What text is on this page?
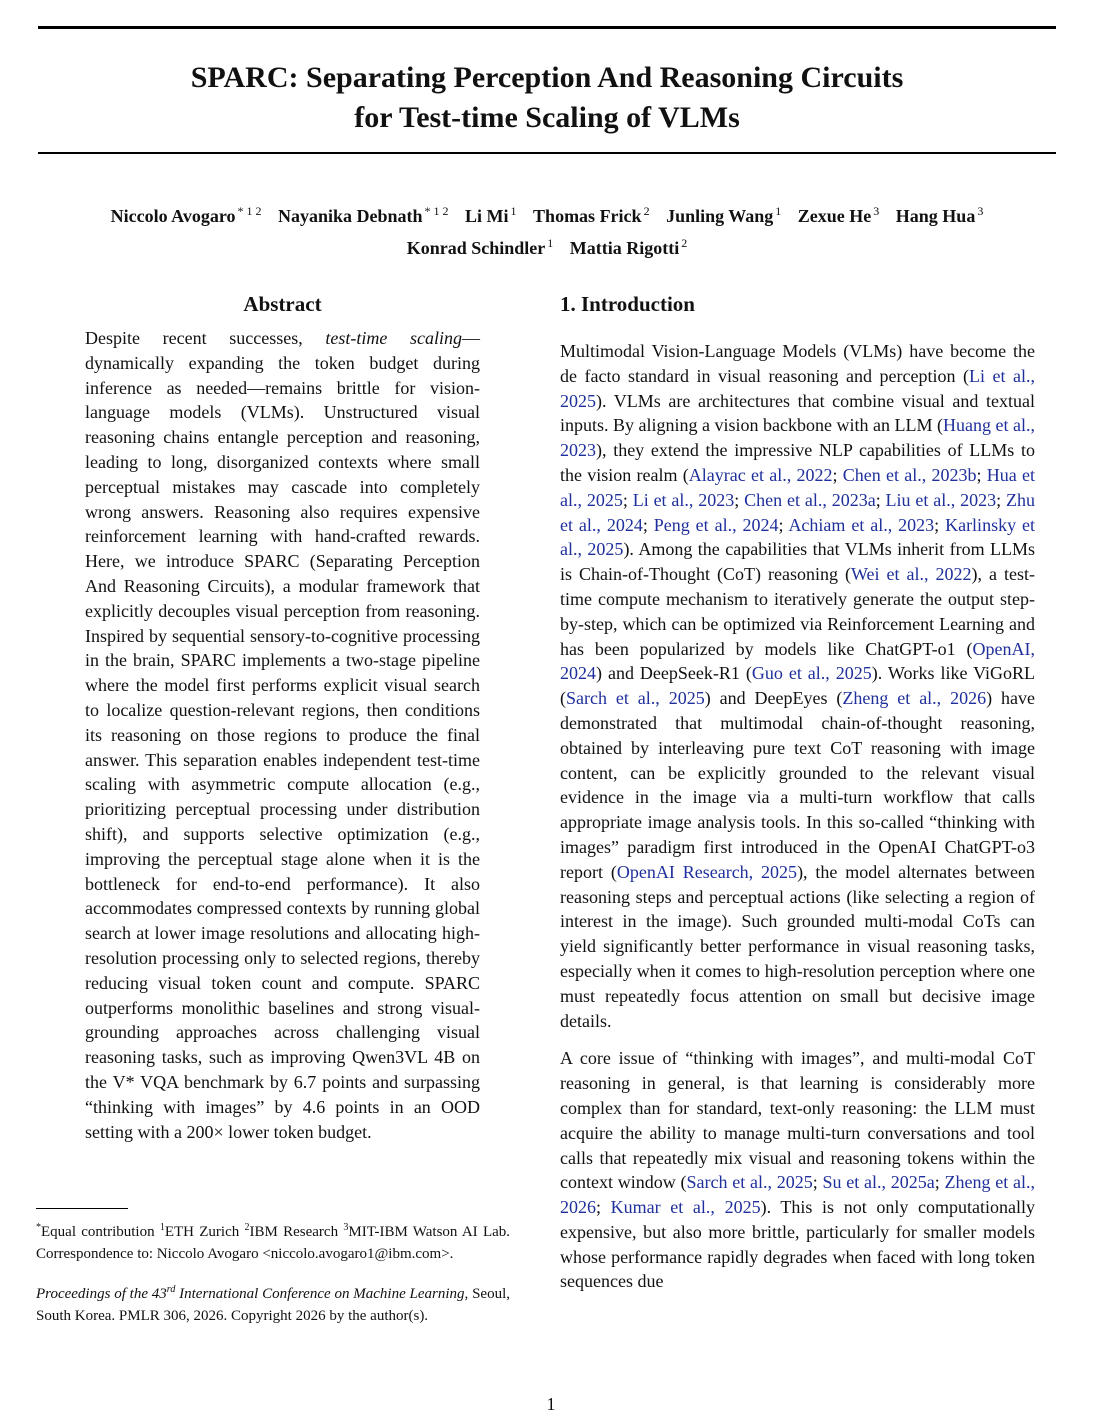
SPARC: Separating Perception And Reasoning Circuits
for Test-time Scaling of VLMs
Niccolo Avogaro $^{* 1 2}$ Nayanika Debnath $^{* 1 2}$ Li Mi $^1$ Thomas Frick $^2$ Junling Wang $^1$ Zexue He $^3$ Hang Hua $^3$
Konrad Schindler $^1$ Mattia Rigotti $^2$
Abstract

Despite recent successes, test-time scaling—dynamically expanding the token budget during inference as needed—remains brittle for vision-language models (VLMs). Unstructured visual reasoning chains entangle perception and reasoning, leading to long, disorganized contexts where small perceptual mistakes may cascade into completely wrong answers. Reasoning also requires expensive reinforcement learning with hand-crafted rewards. Here, we introduce SPARC (Separating Perception And Reasoning Circuits), a modular framework that explicitly decouples visual perception from reasoning. Inspired by sequential sensory-to-cognitive processing in the brain, SPARC implements a two-stage pipeline where the model first performs explicit visual search to localize question-relevant regions, then conditions its reasoning on those regions to produce the final answer. This separation enables independent test-time scaling with asymmetric compute allocation (e.g., prioritizing perceptual processing under distribution shift), and supports selective optimization (e.g., improving the perceptual stage alone when it is the bottleneck for end-to-end performance). It also accommodates compressed contexts by running global search at lower image resolutions and allocating high-resolution processing only to selected regions, thereby reducing visual token count and compute. SPARC outperforms monolithic baselines and strong visual-grounding approaches across challenging visual reasoning tasks, such as improving Qwen3VL 4B on the V* VQA benchmark by 6.7 points and surpassing “thinking with images” by 4.6 points in an OOD setting with a 200× lower token budget.

*Equal contribution $^1$ETH Zurich $^2$IBM Research $^3$MIT-IBM Watson AI Lab. Correspondence to: Niccolo Avogaro <niccolo.avogaro1@ibm.com>.

Proceedings of the 43rd International Conference on Machine Learning, Seoul, South Korea. PMLR 306, 2026. Copyright 2026 by the author(s).

1. Introduction

Multimodal Vision-Language Models (VLMs) have become the de facto standard in visual reasoning and perception (Li et al., 2025). VLMs are architectures that combine visual and textual inputs. By aligning a vision backbone with an LLM (Huang et al., 2023), they extend the impressive NLP capabilities of LLMs to the vision realm (Alayrac et al., 2022; Chen et al., 2023b; Hua et al., 2025; Li et al., 2023; Chen et al., 2023a; Liu et al., 2023; Zhu et al., 2024; Peng et al., 2024; Achiam et al., 2023; Karlinsky et al., 2025). Among the capabilities that VLMs inherit from LLMs is Chain-of-Thought (CoT) reasoning (Wei et al., 2022), a test-time compute mechanism to iteratively generate the output step-by-step, which can be optimized via Reinforcement Learning and has been popularized by models like ChatGPT-o1 (OpenAI, 2024) and DeepSeek-R1 (Guo et al., 2025). Works like ViGoRL (Sarch et al., 2025) and DeepEyes (Zheng et al., 2026) have demonstrated that multimodal chain-of-thought reasoning, obtained by interleaving pure text CoT reasoning with image content, can be explicitly grounded to the relevant visual evidence in the image via a multi-turn workflow that calls appropriate image analysis tools. In this so-called “thinking with images” paradigm first introduced in the OpenAI ChatGPT-o3 report (OpenAI Research, 2025), the model alternates between reasoning steps and perceptual actions (like selecting a region of interest in the image). Such grounded multi-modal CoTs can yield significantly better performance in visual reasoning tasks, especially when it comes to high-resolution perception where one must repeatedly focus attention on small but decisive image details.

A core issue of “thinking with images”, and multi-modal CoT reasoning in general, is that learning is considerably more complex than for standard, text-only reasoning: the LLM must acquire the ability to manage multi-turn conversations and tool calls that repeatedly mix visual and reasoning tokens within the context window (Sarch et al., 2025; Su et al., 2025a; Zheng et al., 2026; Kumar et al., 2025). This is not only computationally expensive, but also more brittle, particularly for smaller models whose performance rapidly degrades when faced with long token sequences due

1
